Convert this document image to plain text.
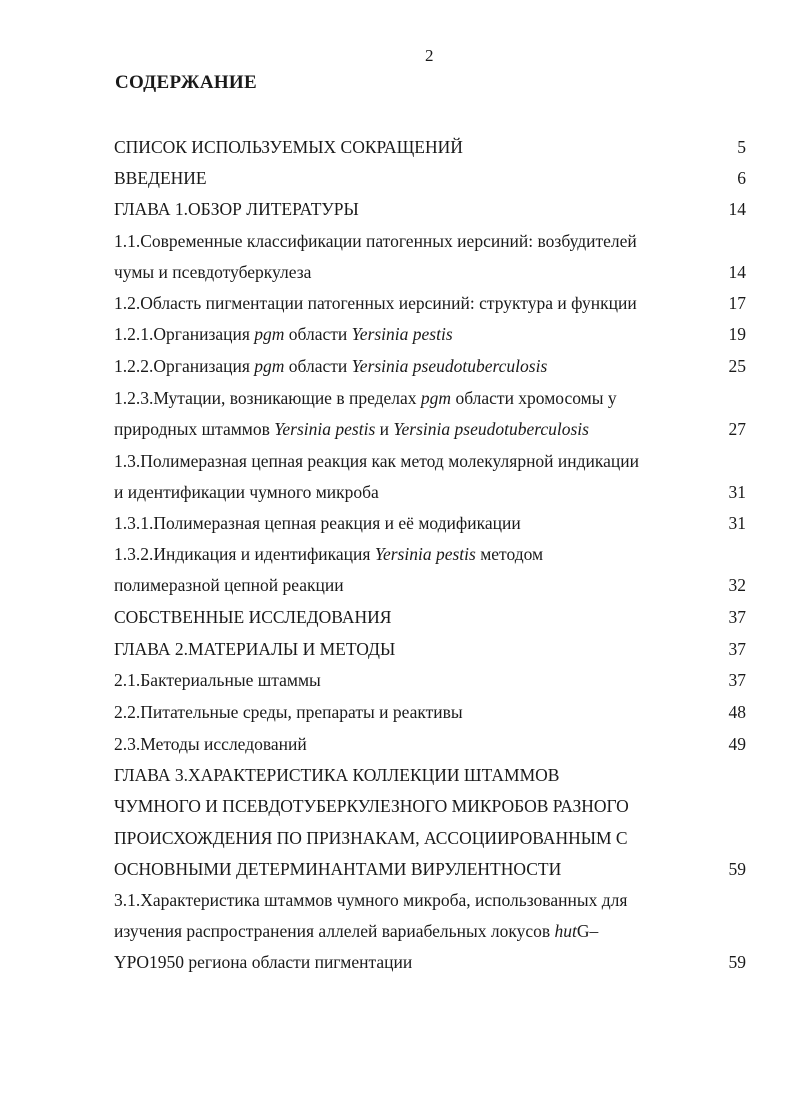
2
СОДЕРЖАНИЕ
СПИСОК ИСПОЛЬЗУЕМЫХ СОКРАЩЕНИЙ	5
ВВЕДЕНИЕ	6
ГЛАВА 1.ОБЗОР ЛИТЕРАТУРЫ	14
1.1.Современные классификации патогенных иерсиний: возбудителей
чумы и псевдотуберкулеза	14
1.2.Область пигментации патогенных иерсиний: структура и функции	17
1.2.1.Организация pgm области Yersinia pestis	19
1.2.2.Организация pgm области Yersinia pseudotuberculosis	25
1.2.3.Мутации, возникающие в пределах pgm области хромосомы у
природных штаммов Yersinia pestis и Yersinia pseudotuberculosis	27
1.3.Полимеразная цепная реакция как метод молекулярной индикации
и идентификации чумного микроба	31
1.3.1.Полимеразная цепная реакция и её модификации	31
1.3.2.Индикация и идентификация Yersinia pestis методом
полимеразной цепной реакции	32
СОБСТВЕННЫЕ ИССЛЕДОВАНИЯ	37
ГЛАВА 2.МАТЕРИАЛЫ И МЕТОДЫ	37
2.1.Бактериальные штаммы	37
2.2.Питательные среды, препараты и реактивы	48
2.3.Методы исследований	49
ГЛАВА 3.ХАРАКТЕРИСТИКА КОЛЛЕКЦИИ ШТАММОВ
ЧУМНОГО И ПСЕВДОТУБЕРКУЛЕЗНОГО МИКРОБОВ РАЗНОГО
ПРОИСХОЖДЕНИЯ ПО ПРИЗНАКАМ, АССОЦИИРОВАННЫМ С
ОСНОВНЫМИ ДЕТЕРМИНАНТАМИ ВИРУЛЕНТНОСТИ	59
3.1.Характеристика штаммов чумного микроба, использованных для
изучения распространения аллелей вариабельных локусов hutG–
YPO1950 региона области пигментации	59
